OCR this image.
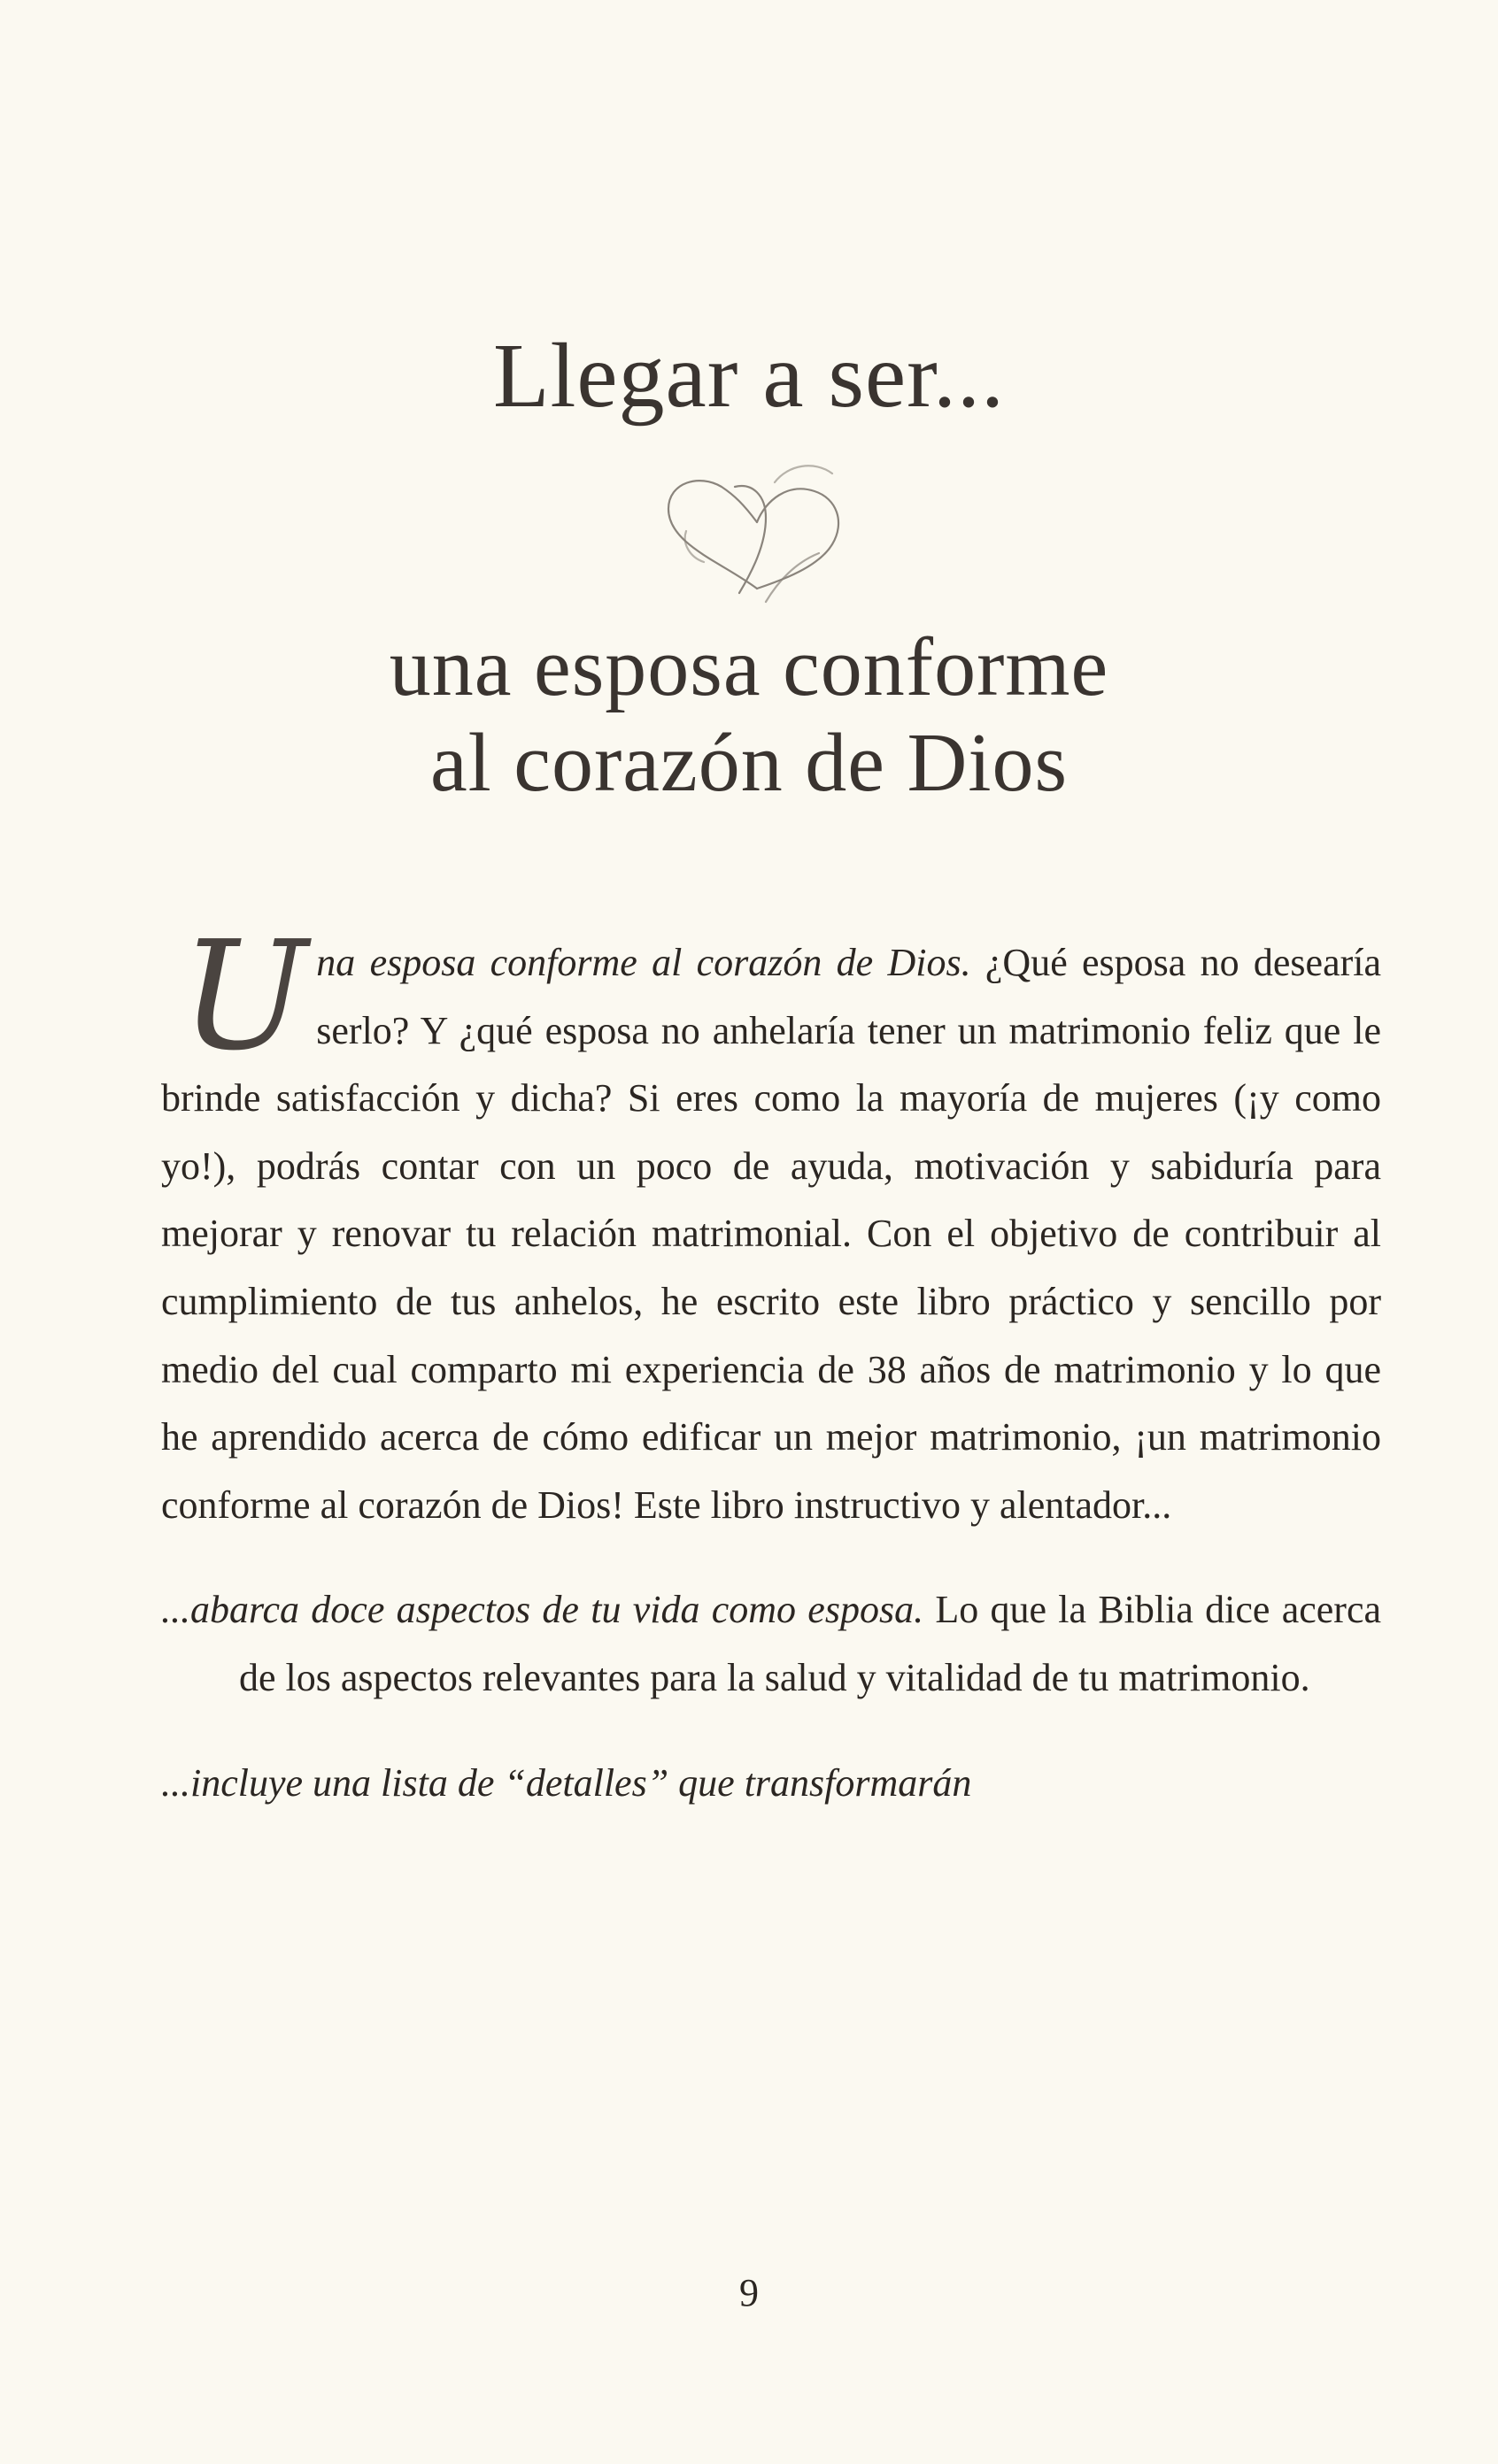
Llegar a ser...
una esposa conforme
al corazón de Dios

Una esposa conforme al corazón de Dios. ¿Qué esposa no desearía serlo? Y ¿qué esposa no anhelaría tener un matrimonio feliz que le brinde satisfacción y dicha? Si eres como la mayoría de mujeres (¡y como yo!), podrás contar con un poco de ayuda, motivación y sabiduría para mejorar y renovar tu relación matrimonial. Con el objetivo de contribuir al cumplimiento de tus anhelos, he escrito este libro práctico y sencillo por medio del cual comparto mi experiencia de 38 años de matrimonio y lo que he aprendido acerca de cómo edificar un mejor matrimonio, ¡un matrimonio conforme al corazón de Dios! Este libro instructivo y alentador...

...abarca doce aspectos de tu vida como esposa. Lo que la Biblia dice acerca de los aspectos relevantes para la salud y vitalidad de tu matrimonio.

...incluye una lista de “detalles” que transformarán

9
